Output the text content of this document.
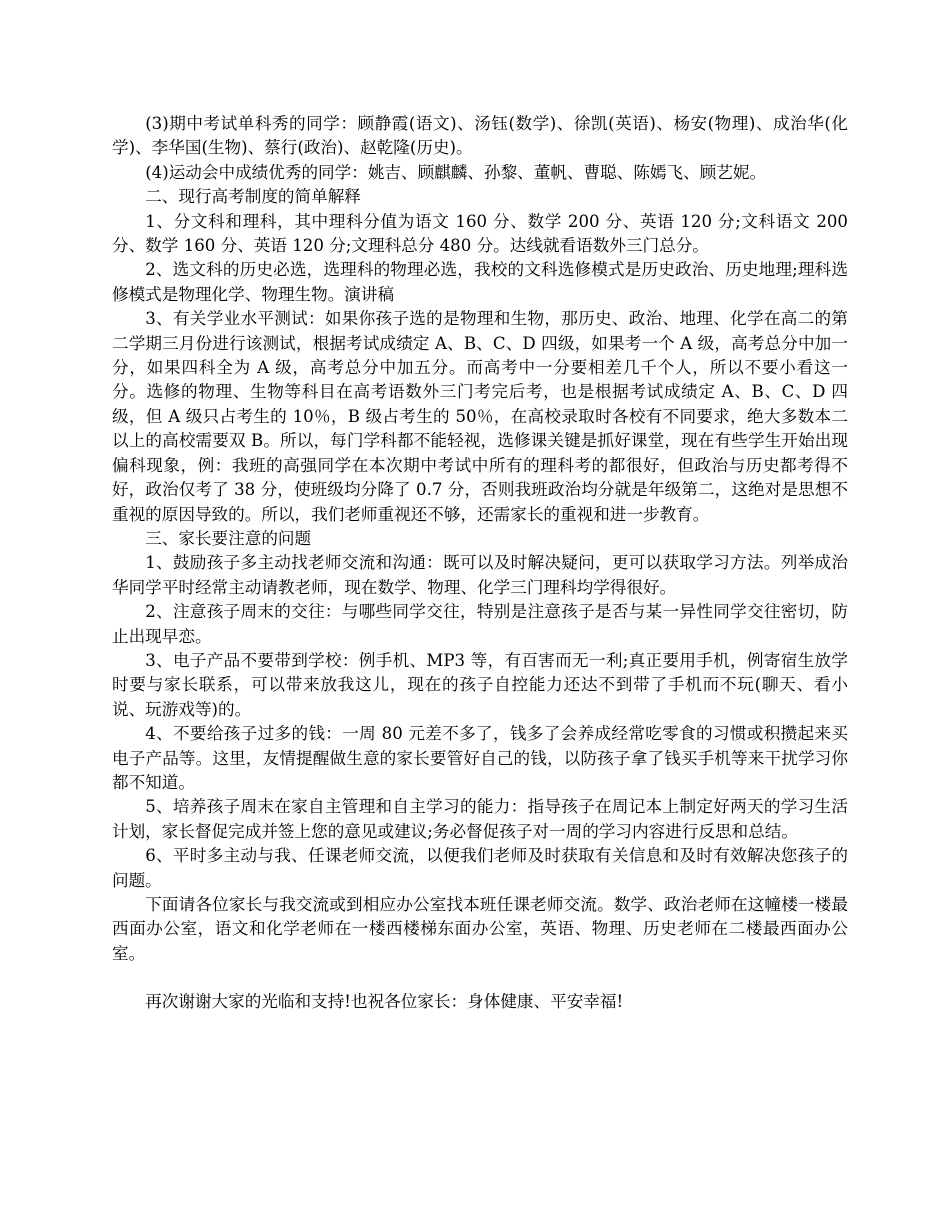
(3)期中考试单科秀的同学：顾静霞(语文)、汤钰(数学)、徐凯(英语)、杨安(物理)、成治华(化学)、李华国(生物)、蔡行(政治)、赵乾隆(历史)。

(4)运动会中成绩优秀的同学：姚吉、顾麒麟、孙黎、董帆、曹聪、陈嫣飞、顾艺妮。

二、现行高考制度的简单解释

1、分文科和理科，其中理科分值为语文 160 分、数学 200 分、英语 120 分;文科语文 200 分、数学 160 分、英语 120 分;文理科总分 480 分。达线就看语数外三门总分。

2、选文科的历史必选，选理科的物理必选，我校的文科选修模式是历史政治、历史地理;理科选修模式是物理化学、物理生物。演讲稿

3、有关学业水平测试：如果你孩子选的是物理和生物，那历史、政治、地理、化学在高二的第二学期三月份进行该测试，根据考试成绩定 A、B、C、D 四级，如果考一个 A 级，高考总分中加一分，如果四科全为 A 级，高考总分中加五分。而高考中一分要相差几千个人，所以不要小看这一分。选修的物理、生物等科目在高考语数外三门考完后考，也是根据考试成绩定 A、B、C、D 四级，但 A 级只占考生的 10％，B 级占考生的 50％，在高校录取时各校有不同要求，绝大多数本二以上的高校需要双 B。所以，每门学科都不能轻视，选修课关键是抓好课堂，现在有些学生开始出现偏科现象，例：我班的高强同学在本次期中考试中所有的理科考的都很好，但政治与历史都考得不好，政治仅考了 38 分，使班级均分降了 0.7 分，否则我班政治均分就是年级第二，这绝对是思想不重视的原因导致的。所以，我们老师重视还不够，还需家长的重视和进一步教育。

三、家长要注意的问题

1、鼓励孩子多主动找老师交流和沟通：既可以及时解决疑问，更可以获取学习方法。列举成治华同学平时经常主动请教老师，现在数学、物理、化学三门理科均学得很好。

2、注意孩子周末的交往：与哪些同学交往，特别是注意孩子是否与某一异性同学交往密切，防止出现早恋。

3、电子产品不要带到学校：例手机、MP3 等，有百害而无一利;真正要用手机，例寄宿生放学时要与家长联系，可以带来放我这儿，现在的孩子自控能力还达不到带了手机而不玩(聊天、看小说、玩游戏等)的。

4、不要给孩子过多的钱：一周 80 元差不多了，钱多了会养成经常吃零食的习惯或积攒起来买电子产品等。这里，友情提醒做生意的家长要管好自己的钱，以防孩子拿了钱买手机等来干扰学习你都不知道。

5、培养孩子周末在家自主管理和自主学习的能力：指导孩子在周记本上制定好两天的学习生活计划，家长督促完成并签上您的意见或建议;务必督促孩子对一周的学习内容进行反思和总结。

6、平时多主动与我、任课老师交流，以便我们老师及时获取有关信息和及时有效解决您孩子的问题。

下面请各位家长与我交流或到相应办公室找本班任课老师交流。数学、政治老师在这幢楼一楼最西面办公室，语文和化学老师在一楼西楼梯东面办公室，英语、物理、历史老师在二楼最西面办公室。

再次谢谢大家的光临和支持!也祝各位家长：身体健康、平安幸福!
